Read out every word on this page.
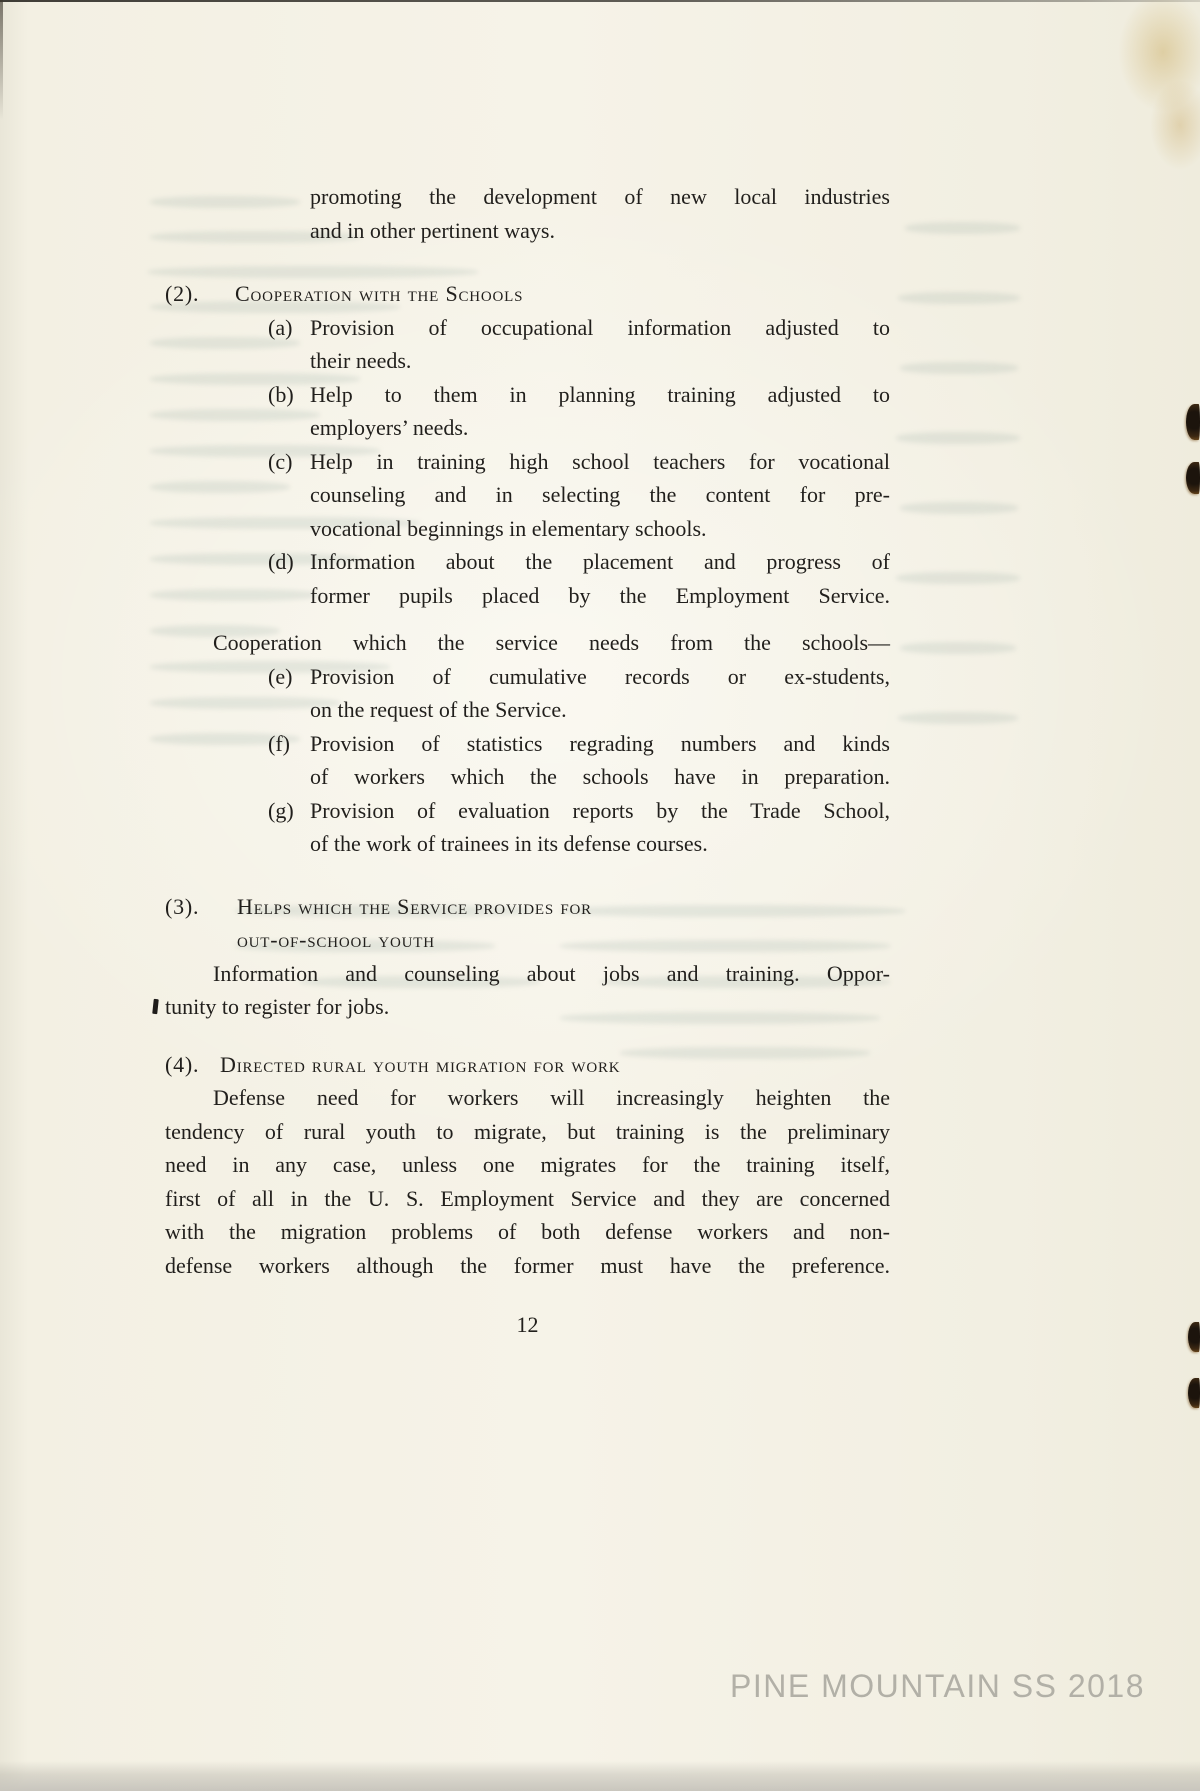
promoting the development of new local industries
and in other pertinent ways.
(2). Cooperation with the Schools
(a) Provision of occupational information adjusted to
their needs.
(b) Help to them in planning training adjusted to
employers’ needs.
(c) Help in training high school teachers for vocational
counseling and in selecting the content for pre-
vocational beginnings in elementary schools.
(d) Information about the placement and progress of
former pupils placed by the Employment Service.
Cooperation which the service needs from the schools—
(e) Provision of cumulative records or ex-students,
on the request of the Service.
(f) Provision of statistics regrading numbers and kinds
of workers which the schools have in preparation.
(g) Provision of evaluation reports by the Trade School,
of the work of trainees in its defense courses.
(3). Helps which the Service provides for
out-of-school youth
Information and counseling about jobs and training. Oppor-
tunity to register for jobs.
(4). Directed rural youth migration for work
Defense need for workers will increasingly heighten the
tendency of rural youth to migrate, but training is the preliminary
need in any case, unless one migrates for the training itself,
first of all in the U. S. Employment Service and they are concerned
with the migration problems of both defense workers and non-
defense workers although the former must have the preference.
12
PINE MOUNTAIN SS 2018
